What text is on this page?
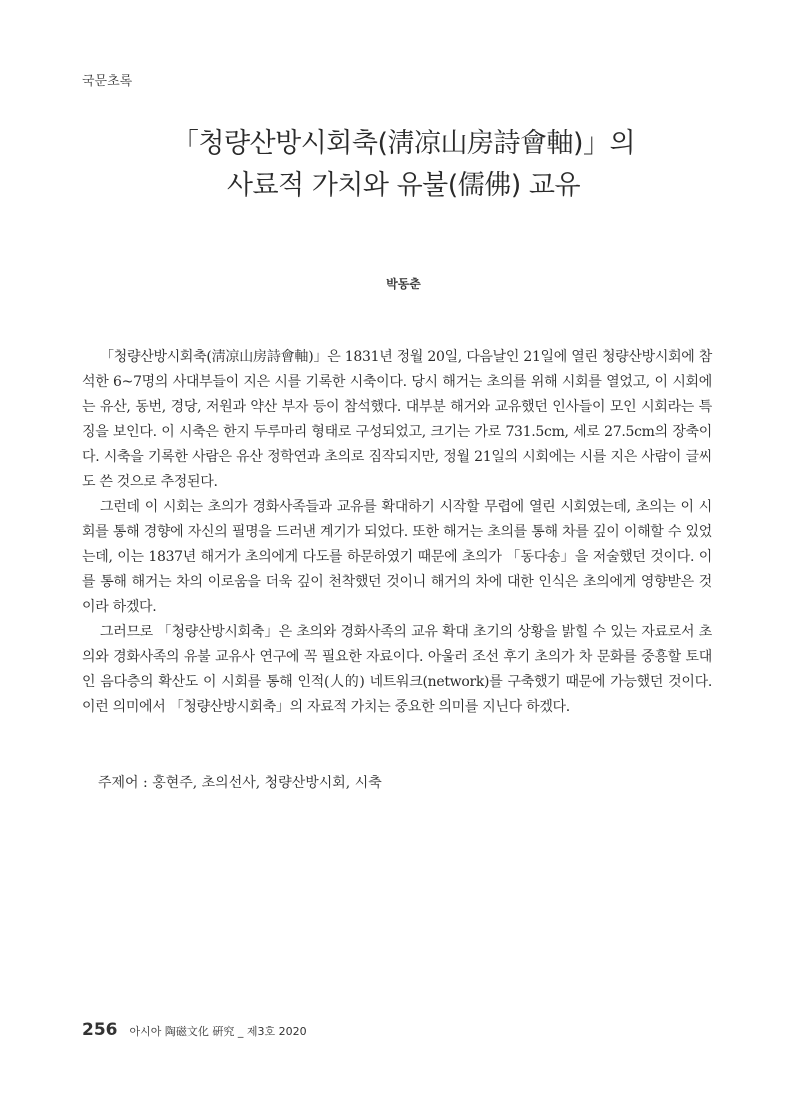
국문초록
「청량산방시회축(淸凉山房詩會軸)」의
사료적 가치와 유불(儒佛) 교유
박동춘

「청량산방시회축(淸凉山房詩會軸)」은 1831년 정월 20일, 다음날인 21일에 열린 청량산방시회에 참석한 6~7명의 사대부들이 지은 시를 기록한 시축이다. 당시 해거는 초의를 위해 시회를 열었고, 이 시회에는 유산, 동번, 경당, 저원과 약산 부자 등이 참석했다. 대부분 해거와 교유했던 인사들이 모인 시회라는 특징을 보인다. 이 시축은 한지 두루마리 형태로 구성되었고, 크기는 가로 731.5cm, 세로 27.5cm의 장축이다. 시축을 기록한 사람은 유산 정학연과 초의로 짐작되지만, 정월 21일의 시회에는 시를 지은 사람이 글씨도 쓴 것으로 추정된다.

그런데 이 시회는 초의가 경화사족들과 교유를 확대하기 시작할 무렵에 열린 시회였는데, 초의는 이 시회를 통해 경향에 자신의 필명을 드러낸 계기가 되었다. 또한 해거는 초의를 통해 차를 깊이 이해할 수 있었는데, 이는 1837년 해거가 초의에게 다도를 하문하였기 때문에 초의가 「동다송」을 저술했던 것이다. 이를 통해 해거는 차의 이로움을 더욱 깊이 천착했던 것이니 해거의 차에 대한 인식은 초의에게 영향받은 것이라 하겠다.

그러므로 「청량산방시회축」은 초의와 경화사족의 교유 확대 초기의 상황을 밝힐 수 있는 자료로서 초의와 경화사족의 유불 교유사 연구에 꼭 필요한 자료이다. 아울러 조선 후기 초의가 차 문화를 중흥할 토대인 음다층의 확산도 이 시회를 통해 인적(人的) 네트워크(network)를 구축했기 때문에 가능했던 것이다. 이런 의미에서 「청량산방시회축」의 자료적 가치는 중요한 의미를 지닌다 하겠다.

주제어 : 홍현주, 초의선사, 청량산방시회, 시축
256 아시아 陶磁文化 硏究 _ 제3호 2020
